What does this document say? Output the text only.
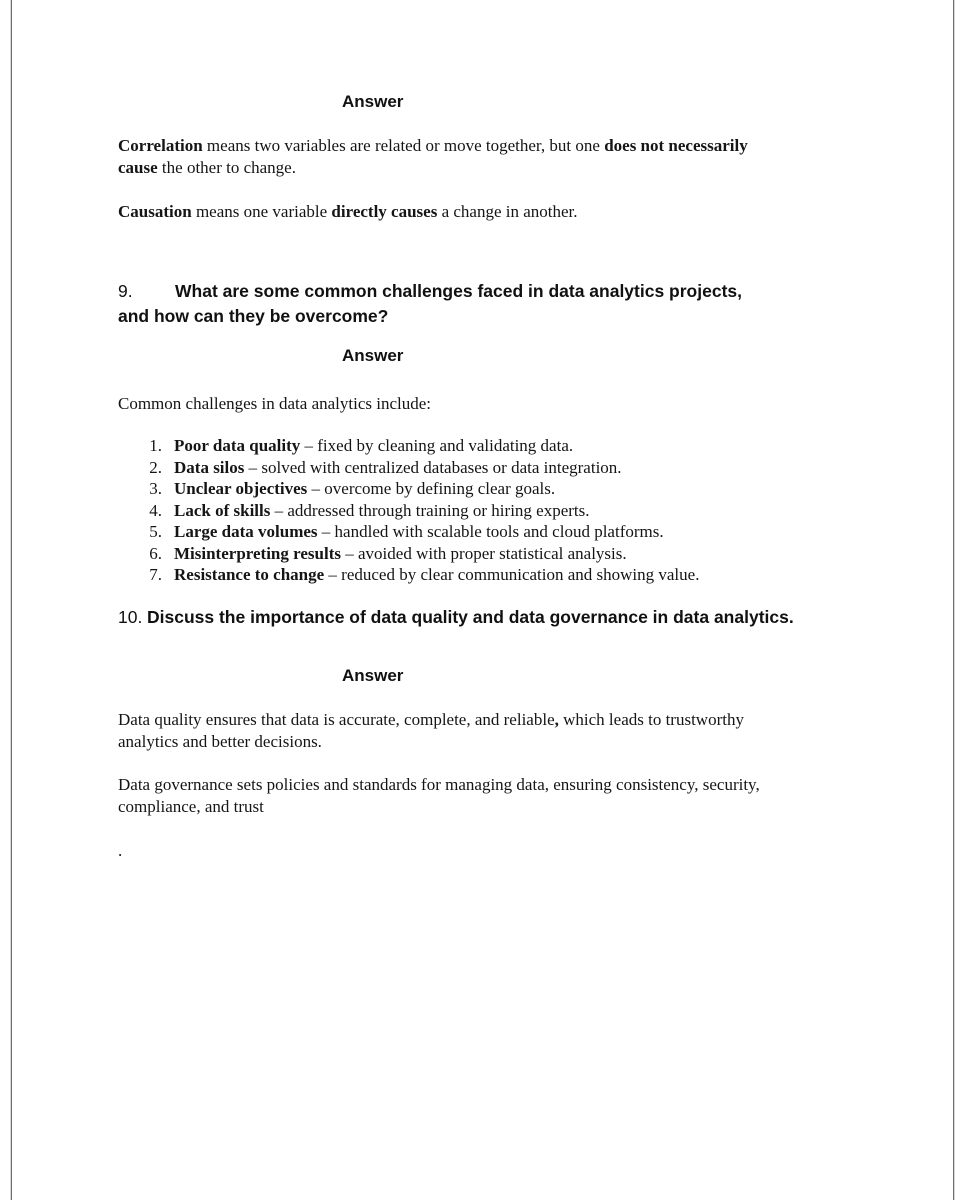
Answer
Correlation means two variables are related or move together, but one does not necessarily
cause the other to change.
Causation means one variable directly causes a change in another.
9. What are some common challenges faced in data analytics projects,
and how can they be overcome?
Answer
Common challenges in data analytics include:
1. Poor data quality – fixed by cleaning and validating data.
2. Data silos – solved with centralized databases or data integration.
3. Unclear objectives – overcome by defining clear goals.
4. Lack of skills – addressed through training or hiring experts.
5. Large data volumes – handled with scalable tools and cloud platforms.
6. Misinterpreting results – avoided with proper statistical analysis.
7. Resistance to change – reduced by clear communication and showing value.
10. Discuss the importance of data quality and data governance in data analytics.
Answer
Data quality ensures that data is accurate, complete, and reliable, which leads to trustworthy
analytics and better decisions.
Data governance sets policies and standards for managing data, ensuring consistency, security,
compliance, and trust
.
